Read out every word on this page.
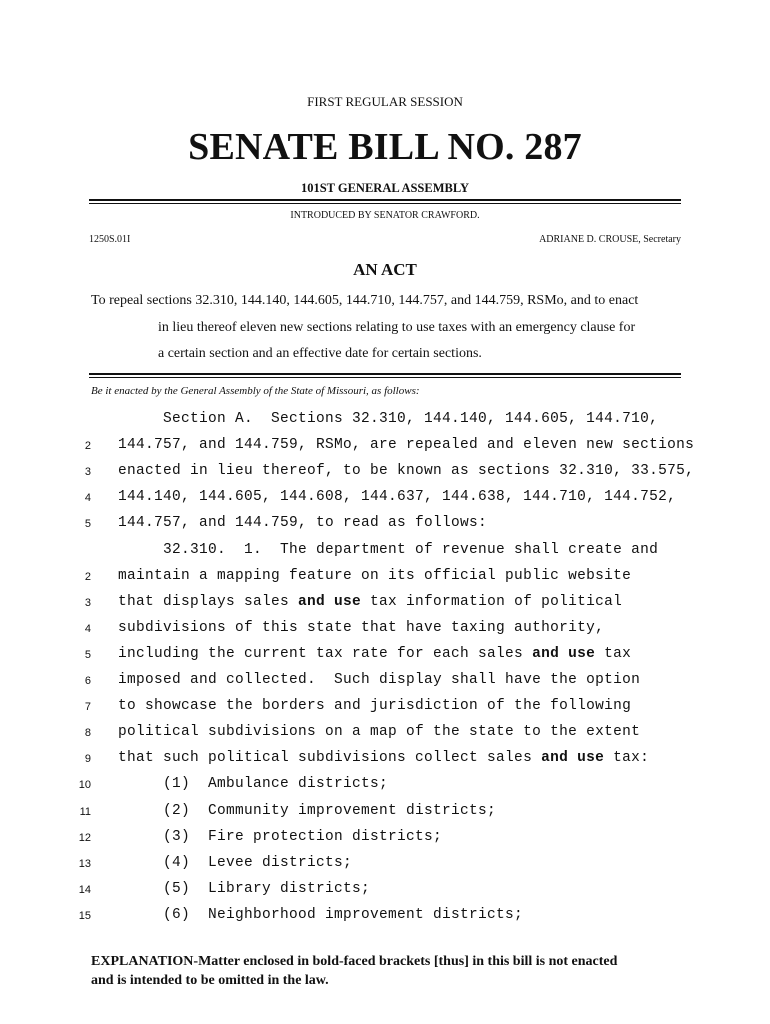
FIRST REGULAR SESSION
SENATE BILL NO. 287
101ST GENERAL ASSEMBLY
INTRODUCED BY SENATOR CRAWFORD.
1250S.01I	ADRIANE D. CROUSE, Secretary
AN ACT
To repeal sections 32.310, 144.140, 144.605, 144.710, 144.757, and 144.759, RSMo, and to enact
in lieu thereof eleven new sections relating to use taxes with an emergency clause for
a certain section and an effective date for certain sections.
Be it enacted by the General Assembly of the State of Missouri, as follows:
Section A.  Sections 32.310, 144.140, 144.605, 144.710,
2 144.757, and 144.759, RSMo, are repealed and eleven new sections
3 enacted in lieu thereof, to be known as sections 32.310, 33.575,
4 144.140, 144.605, 144.608, 144.637, 144.638, 144.710, 144.752,
5 144.757, and 144.759, to read as follows:
32.310.  1.  The department of revenue shall create and
2 maintain a mapping feature on its official public website
3 that displays sales and use tax information of political
4 subdivisions of this state that have taxing authority,
5 including the current tax rate for each sales and use tax
6 imposed and collected.  Such display shall have the option
7 to showcase the borders and jurisdiction of the following
8 political subdivisions on a map of the state to the extent
9 that such political subdivisions collect sales and use tax:
10 (1)  Ambulance districts;
11 (2)  Community improvement districts;
12 (3)  Fire protection districts;
13 (4)  Levee districts;
14 (5)  Library districts;
15 (6)  Neighborhood improvement districts;
EXPLANATION-Matter enclosed in bold-faced brackets [thus] in this bill is not enacted
and is intended to be omitted in the law.
